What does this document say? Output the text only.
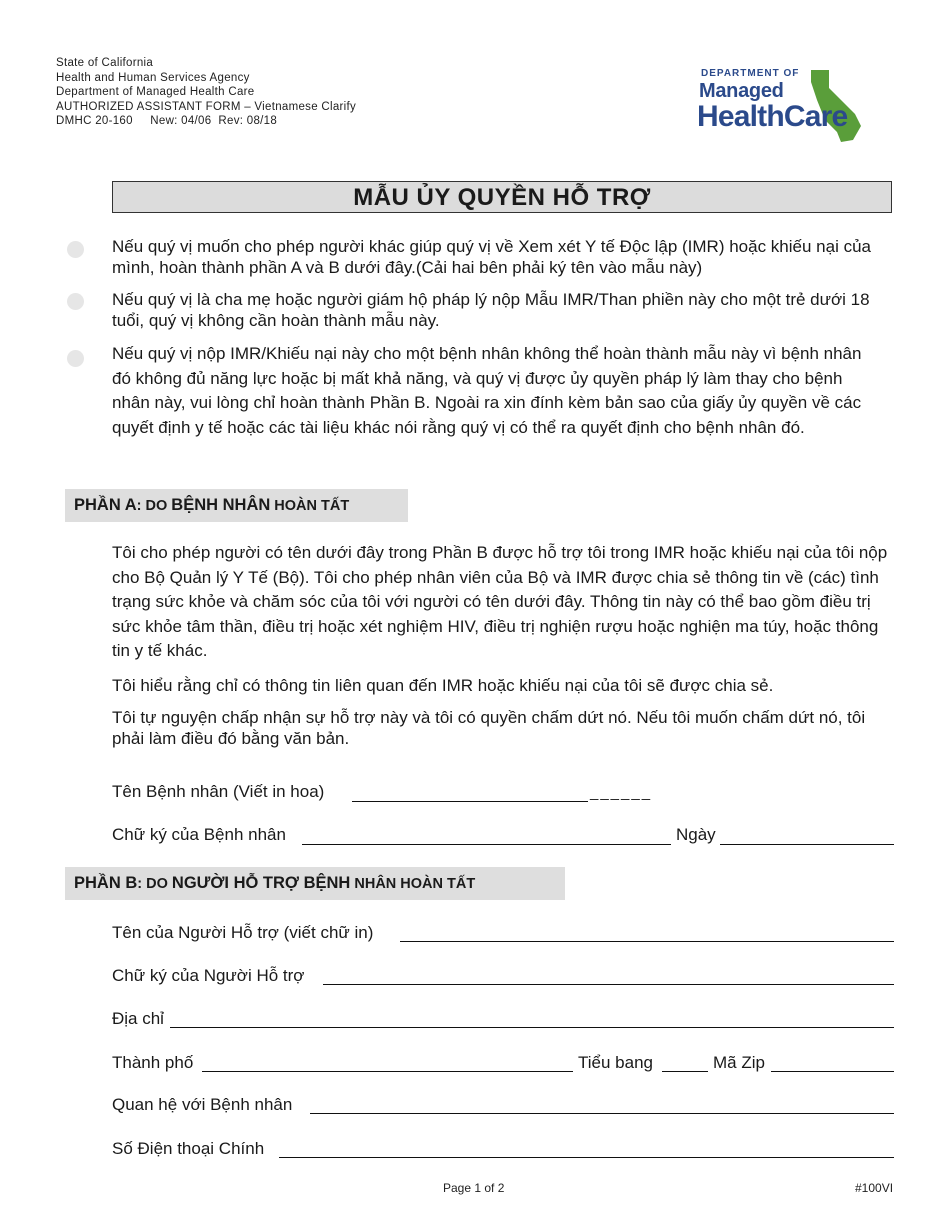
State of California
Health and Human Services Agency
Department of Managed Health Care
AUTHORIZED ASSISTANT FORM – Vietnamese Clarify
DMHC 20-160     New: 04/06  Rev: 08/18
DEPARTMENT OF
Managed
HealthCare
MẪU ỦY QUYỀN HỖ TRỢ
Nếu quý vị muốn cho phép người khác giúp quý vị về Xem xét Y tế Độc lập (IMR) hoặc khiếu nại của mình, hoàn thành phần A và B dưới đây.(Cải hai bên phải ký tên vào mẫu này)
Nếu quý vị là cha mẹ hoặc người giám hộ pháp lý nộp Mẫu IMR/Than phiền này cho một trẻ dưới 18 tuổi, quý vị không cần hoàn thành mẫu này.
Nếu quý vị nộp IMR/Khiếu nại này cho một bệnh nhân không thể hoàn thành mẫu này vì bệnh nhân đó không đủ năng lực hoặc bị mất khả năng, và quý vị được ủy quyền pháp lý làm thay cho bệnh nhân này, vui lòng chỉ hoàn thành Phần B. Ngoài ra xin đính kèm bản sao của giấy ủy quyền về các quyết định y tế hoặc các tài liệu khác nói rằng quý vị có thể ra quyết định cho bệnh nhân đó.
PHẦN A: DO BỆNH NHÂN HOÀN TẤT
Tôi cho phép người có tên dưới đây trong Phần B được hỗ trợ tôi trong IMR hoặc khiếu nại của tôi nộp cho Bộ Quản lý Y Tế (Bộ). Tôi cho phép nhân viên của Bộ và IMR được chia sẻ thông tin về (các) tình trạng sức khỏe và chăm sóc của tôi với người có tên dưới đây. Thông tin này có thể bao gồm điều trị sức khỏe tâm thần, điều trị hoặc xét nghiệm HIV, điều trị nghiện rượu hoặc nghiện ma túy, hoặc thông tin y tế khác.
Tôi hiểu rằng chỉ có thông tin liên quan đến IMR hoặc khiếu nại của tôi sẽ được chia sẻ.
Tôi tự nguyện chấp nhận sự hỗ trợ này và tôi có quyền chấm dứt nó. Nếu tôi muốn chấm dứt nó, tôi phải làm điều đó bằng văn bản.
Tên Bệnh nhân (Viết in hoa)	______
Chữ ký của Bệnh nhân	Ngày
PHẦN B: DO NGƯỜI HỖ TRỢ BỆNH NHÂN HOÀN TẤT
Tên của Người Hỗ trợ (viết chữ in)
Chữ ký của Người Hỗ trợ
Địa chỉ
Thành phố	Tiểu bang	Mã Zip
Quan hệ với Bệnh nhân
Số Điện thoại Chính
Page 1 of 2	#100VI
